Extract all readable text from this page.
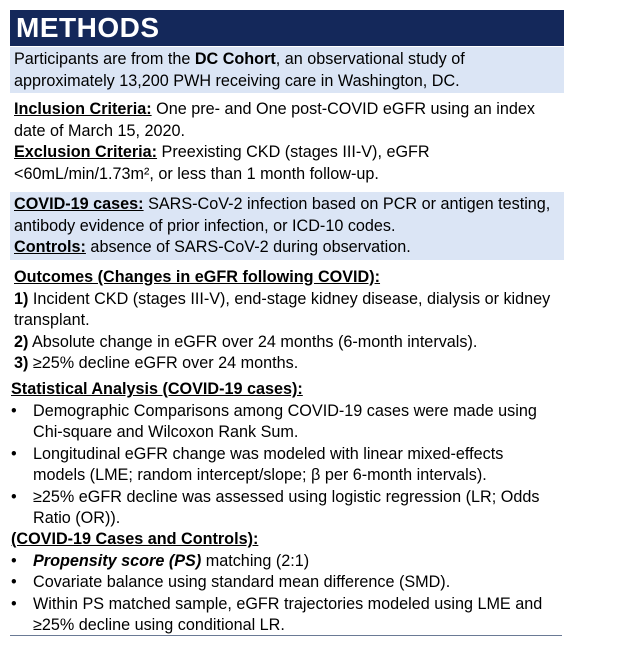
METHODS
Participants are from the DC Cohort, an observational study of approximately 13,200 PWH receiving care in Washington, DC.
Inclusion Criteria: One pre- and One post-COVID eGFR using an index date of March 15, 2020.
Exclusion Criteria: Preexisting CKD (stages III-V), eGFR <60mL/min/1.73m², or less than 1 month follow-up.
COVID-19 cases: SARS-CoV-2 infection based on PCR or antigen testing, antibody evidence of prior infection, or ICD-10 codes.
Controls: absence of SARS-CoV-2 during observation.
Outcomes (Changes in eGFR following COVID):
1) Incident CKD (stages III-V), end-stage kidney disease, dialysis or kidney transplant.
2) Absolute change in eGFR over 24 months (6-month intervals).
3) ≥25% decline eGFR over 24 months.
Statistical Analysis (COVID-19 cases):
• Demographic Comparisons among COVID-19 cases were made using Chi-square and Wilcoxon Rank Sum.
• Longitudinal eGFR change was modeled with linear mixed-effects models (LME; random intercept/slope; β per 6-month intervals).
• ≥25% eGFR decline was assessed using logistic regression (LR; Odds Ratio (OR)).
(COVID-19 Cases and Controls):
• Propensity score (PS) matching (2:1)
• Covariate balance using standard mean difference (SMD).
• Within PS matched sample, eGFR trajectories modeled using LME and ≥25% decline using conditional LR.
